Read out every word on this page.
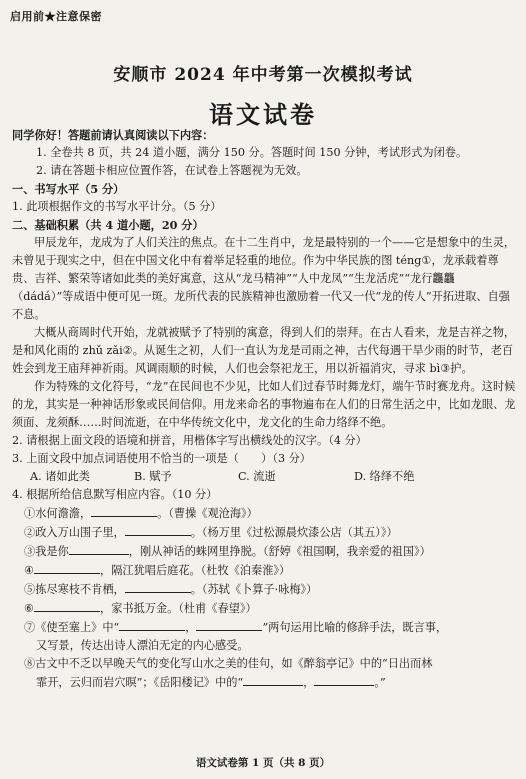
启用前★注意保密
安顺市 2024 年中考第一次模拟考试
语文试卷
同学你好！答题前请认真阅读以下内容：
1. 全卷共 8 页，共 24 道小题，满分 150 分。答题时间 150 分钟，考试形式为闭卷。
2. 请在答题卡相应位置作答，在试卷上答题视为无效。
一、书写水平（5 分）
1. 此项根据作文的书写水平计分。（5 分）
二、基础积累（共 4 道小题，20 分）
甲辰龙年，龙成为了人们关注的焦点。在十二生肖中，龙是最特别的一个——它是想象中的生灵，未曾见于现实之中，但在中国文化中有着举足轻重的地位。作为中华民族的图 téng①，龙承载着尊贵、吉祥、繁荣等诸如此类的美好寓意，这从“龙马精神”“人中龙凤”“生龙活虎”“龙行龘龘（dádá）”等成语中便可见一斑。龙所代表的民族精神也激励着一代又一代“龙的传人”开拓进取、自强不息。
大概从商周时代开始，龙就被赋予了特别的寓意，得到人们的崇拜。在古人看来，龙是吉祥之物，是和风化雨的 zhǔ zǎi②。从诞生之初，人们一直认为龙是司雨之神，古代每遇干旱少雨的时节，老百姓会到龙王庙拜神祈雨。风调雨顺的时候，人们也会祭祀龙王，用以祈福消灾，寻求 bì③护。
作为特殊的文化符号，“龙”在民间也不少见，比如人们过春节时舞龙灯，端午节时赛龙舟。这时候的龙，其实是一种神话形象或民间信仰。用龙来命名的事物遍布在人们的日常生活之中，比如龙眼、龙须面、龙须酥……时间流逝，在中华传统文化中，龙文化的生命力络绎不绝。
2. 请根据上面文段的语境和拼音，用楷体字写出横线处的汉字。（4 分）
3. 上面文段中加点词语使用不恰当的一项是（　　）（3 分）
A. 诸如此类	B. 赋予	C. 流逝	D. 络绎不绝
4. 根据所给信息默写相应内容。（10 分）
①水何澹澹，	。（曹操《观沧海》）
②政入万山围子里，	。（杨万里《过松源晨炊漆公店（其五）》）
③我是你	，刚从神话的蛛网里挣脱。（舒婷《祖国啊，我亲爱的祖国》）
④	，隔江犹唱后庭花。（杜牧《泊秦淮》）
⑤拣尽寒枝不肯栖，	。（苏轼《卜算子·咏梅》）
⑥	，家书抵万金。（杜甫《春望》）
⑦《使至塞上》中“	，	”两句运用比喻的修辞手法，既言事，
又写景，传达出诗人漂泊无定的内心感受。
⑧古文中不乏以早晚天气的变化写山水之美的佳句，如《醉翁亭记》中的“日出而林
霏开，云归而岩穴暝”；《岳阳楼记》中的“	，	。”
语文试卷第 1 页（共 8 页）
